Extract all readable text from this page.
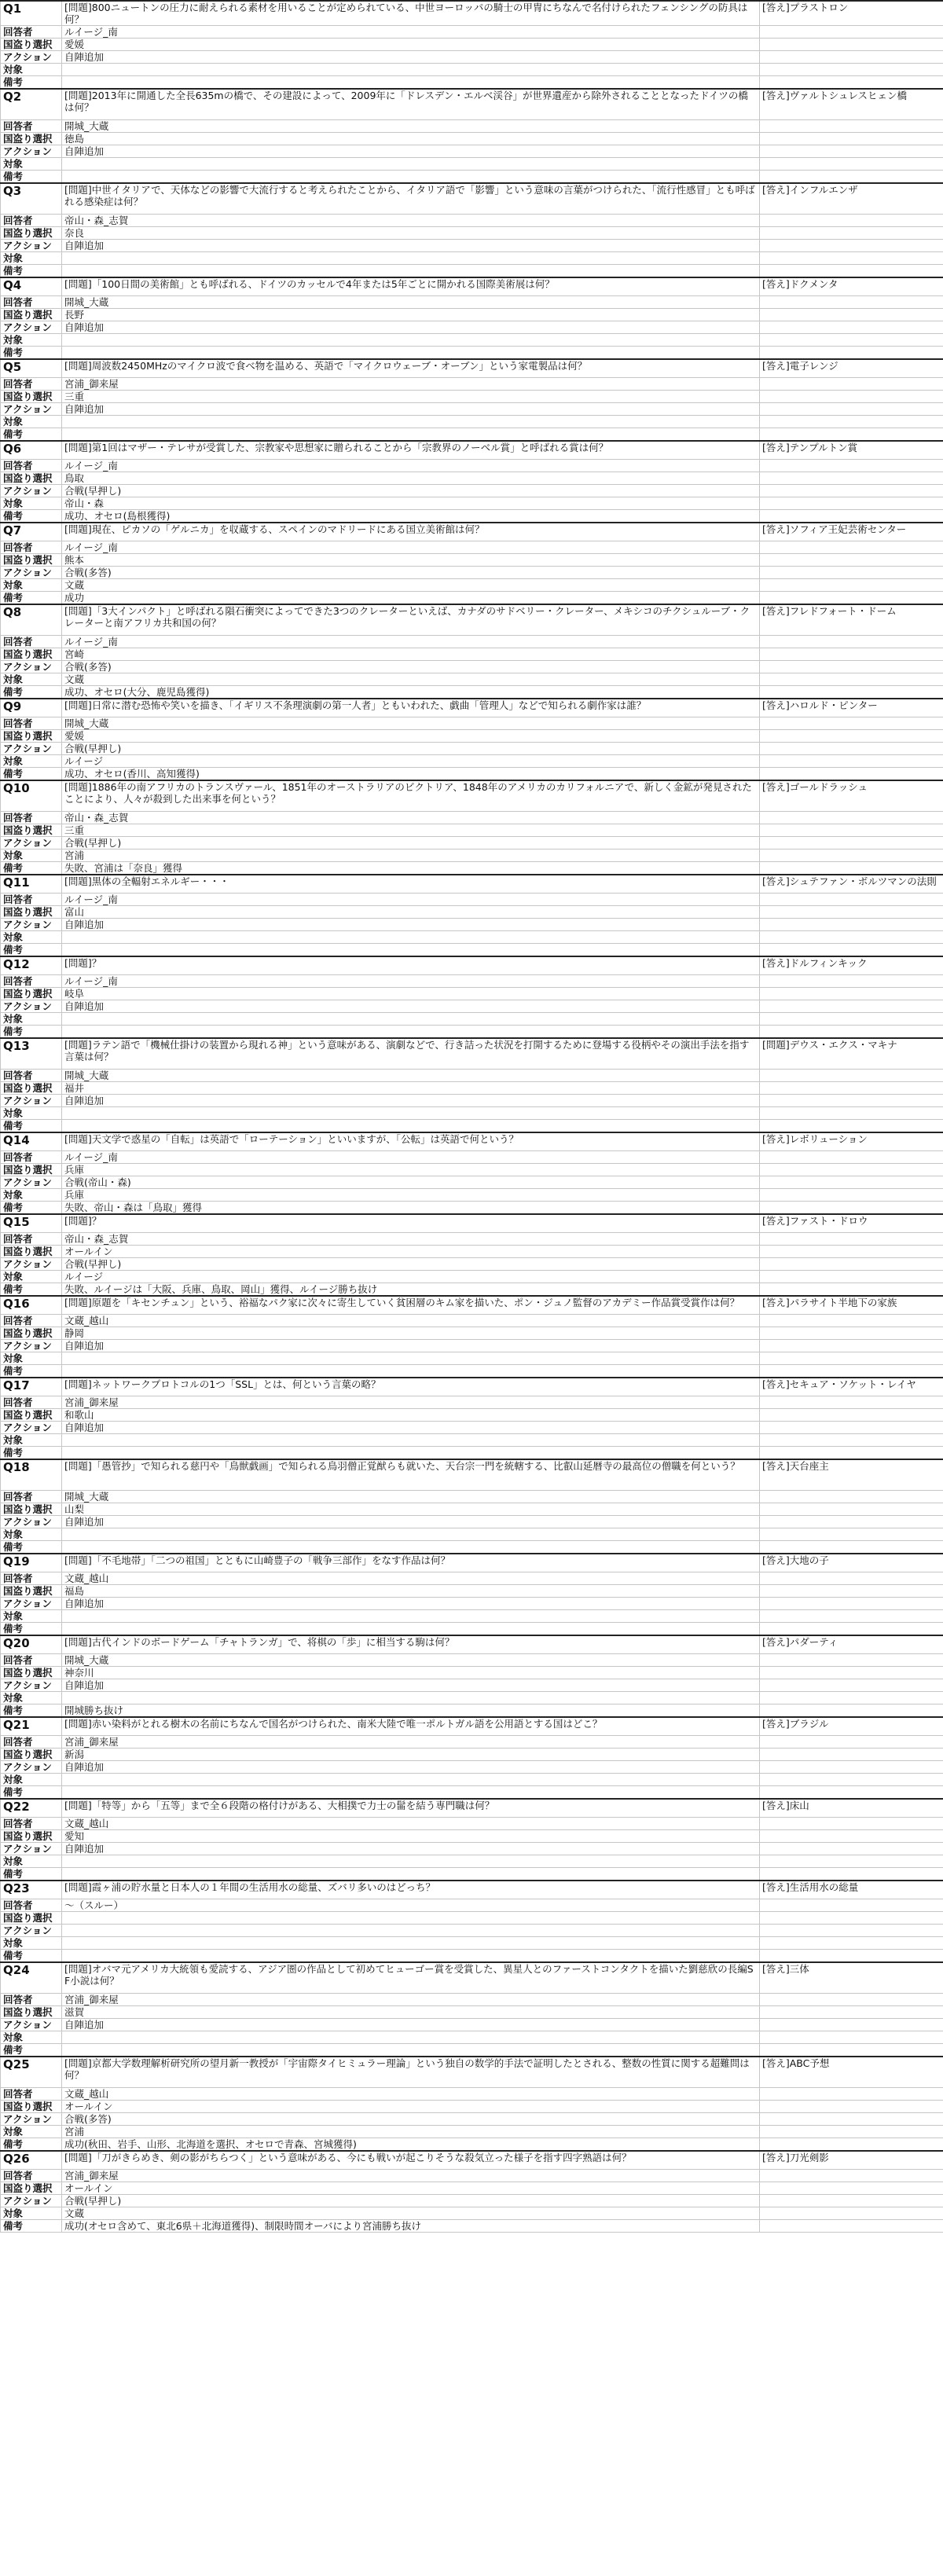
Q1	[問題]800ニュートンの圧力に耐えられる素材を用いることが定められている、中世ヨーロッパの騎士の甲冑にちなんで名付けられたフェンシングの防具は何？	[答え]プラストロン
回答者	ルイージ_南	
国盗り選択	愛媛	
アクション	自陣追加	
対象		
備考		
Q2	[問題]2013年に開通した全長635mの橋で、その建設によって、2009年に「ドレスデン・エルベ渓谷」が世界遺産から除外されることとなったドイツの橋は何？	[答え]ヴァルトシュレスヒェン橋
回答者	開城_大蔵	
国盗り選択	徳島	
アクション	自陣追加	
対象		
備考		
Q3	[問題]中世イタリアで、天体などの影響で大流行すると考えられたことから、イタリア語で「影響」という意味の言葉がつけられた、「流行性感冒」とも呼ばれる感染症は何？	[答え]インフルエンザ
回答者	帝山・森_志賀	
国盗り選択	奈良	
アクション	自陣追加	
対象		
備考		
Q4	[問題]「100日間の美術館」とも呼ばれる、ドイツのカッセルで4年または5年ごとに開かれる国際美術展は何？	[答え]ドクメンタ
回答者	開城_大蔵	
国盗り選択	長野	
アクション	自陣追加	
対象		
備考		
Q5	[問題]周波数2450MHzのマイクロ波で食べ物を温める、英語で「マイクロウェーブ・オーブン」という家電製品は何？	[答え]電子レンジ
回答者	宮浦_御来屋	
国盗り選択	三重	
アクション	自陣追加	
対象		
備考		
Q6	[問題]第1回はマザー・テレサが受賞した、宗教家や思想家に贈られることから「宗教界のノーベル賞」と呼ばれる賞は何？	[答え]テンプルトン賞
回答者	ルイージ_南	
国盗り選択	鳥取	
アクション	合戦(早押し)	
対象	帝山・森	
備考	成功、オセロ(島根獲得)	
Q7	[問題]現在、ピカソの「ゲルニカ」を収蔵する、スペインのマドリードにある国立美術館は何？	[答え]ソフィア王妃芸術センター
回答者	ルイージ_南	
国盗り選択	熊本	
アクション	合戦(多答)	
対象	文蔵	
備考	成功	
Q8	[問題]「3大インパクト」と呼ばれる隕石衝突によってできた3つのクレーターといえば、カナダのサドベリー・クレーター、メキシコのチクシュルーブ・クレーターと南アフリカ共和国の何？	[答え]フレドフォート・ドーム
回答者	ルイージ_南	
国盗り選択	宮崎	
アクション	合戦(多答)	
対象	文蔵	
備考	成功、オセロ(大分、鹿児島獲得)	
Q9	[問題]日常に潜む恐怖や笑いを描き、「イギリス不条理演劇の第一人者」ともいわれた、戯曲「管理人」などで知られる劇作家は誰？	[答え]ハロルド・ピンター
回答者	開城_大蔵	
国盗り選択	愛媛	
アクション	合戦(早押し)	
対象	ルイージ	
備考	成功、オセロ(香川、高知獲得)	
Q10	[問題]1886年の南アフリカのトランスヴァール、1851年のオーストラリアのビクトリア、1848年のアメリカのカリフォルニアで、新しく金鉱が発見されたことにより、人々が殺到した出来事を何という？	[答え]ゴールドラッシュ
回答者	帝山・森_志賀	
国盗り選択	三重	
アクション	合戦(早押し)	
対象	宮浦	
備考	失敗、宮浦は「奈良」獲得	
Q11	[問題]黒体の全輻射エネルギー・・・	[答え]シュテファン・ボルツマンの法則
回答者	ルイージ_南	
国盗り選択	富山	
アクション	自陣追加	
対象		
備考		
Q12	[問題]？	[答え]ドルフィンキック
回答者	ルイージ_南	
国盗り選択	岐阜	
アクション	自陣追加	
対象		
備考		
Q13	[問題]ラテン語で「機械仕掛けの装置から現れる神」という意味がある、演劇などで、行き詰った状況を打開するために登場する役柄やその演出手法を指す言葉は何？	[問題]デウス・エクス・マキナ
回答者	開城_大蔵	
国盗り選択	福井	
アクション	自陣追加	
対象		
備考		
Q14	[問題]天文学で惑星の「自転」は英語で「ローテーション」といいますが、「公転」は英語で何という？	[答え]レボリューション
回答者	ルイージ_南	
国盗り選択	兵庫	
アクション	合戦(帝山・森)	
対象	兵庫	
備考	失敗、帝山・森は「鳥取」獲得	
Q15	[問題]？	[答え]ファスト・ドロウ
回答者	帝山・森_志賀	
国盗り選択	オールイン	
アクション	合戦(早押し)	
対象	ルイージ	
備考	失敗、ルイージは「大阪、兵庫、鳥取、岡山」獲得、ルイージ勝ち抜け	
Q16	[問題]原題を「キセンチュン」という、裕福なパク家に次々に寄生していく貧困層のキム家を描いた、ポン・ジュノ監督のアカデミー作品賞受賞作は何？	[答え]パラサイト半地下の家族
回答者	文蔵_越山	
国盗り選択	静岡	
アクション	自陣追加	
対象		
備考		
Q17	[問題]ネットワークプロトコルの1つ「SSL」とは、何という言葉の略？	[答え]セキュア・ソケット・レイヤ
回答者	宮浦_御来屋	
国盗り選択	和歌山	
アクション	自陣追加	
対象		
備考		
Q18	[問題]「愚管抄」で知られる慈円や「鳥獣戯画」で知られる鳥羽僧正覚猷らも就いた、天台宗一門を統轄する、比叡山延暦寺の最高位の僧職を何という？	[答え]天台座主
回答者	開城_大蔵	
国盗り選択	山梨	
アクション	自陣追加	
対象		
備考		
Q19	[問題]「不毛地帯」「二つの祖国」とともに山崎豊子の「戦争三部作」をなす作品は何？	[答え]大地の子
回答者	文蔵_越山	
国盗り選択	福島	
アクション	自陣追加	
対象		
備考		
Q20	[問題]古代インドのボードゲーム「チャトランガ」で、将棋の「歩」に相当する駒は何？	[答え]パダーティ
回答者	開城_大蔵	
国盗り選択	神奈川	
アクション	自陣追加	
対象		
備考	開城勝ち抜け	
Q21	[問題]赤い染料がとれる樹木の名前にちなんで国名がつけられた、南米大陸で唯一ポルトガル語を公用語とする国はどこ？	[答え]ブラジル
回答者	宮浦_御来屋	
国盗り選択	新潟	
アクション	自陣追加	
対象		
備考		
Q22	[問題]「特等」から「五等」まで全６段階の格付けがある、大相撲で力士の髷を結う専門職は何？	[答え]床山
回答者	文蔵_越山	
国盗り選択	愛知	
アクション	自陣追加	
対象		
備考		
Q23	[問題]霞ヶ浦の貯水量と日本人の１年間の生活用水の総量、ズバリ多いのはどっち？	[答え]生活用水の総量
回答者	～（スルー）	
国盗り選択		
アクション		
対象		
備考		
Q24	[問題]オバマ元アメリカ大統領も愛読する、アジア圏の作品として初めてヒューゴー賞を受賞した、異星人とのファーストコンタクトを描いた劉慈欣の長編SF小説は何？	[答え]三体
回答者	宮浦_御来屋	
国盗り選択	滋賀	
アクション	自陣追加	
対象		
備考		
Q25	[問題]京都大学数理解析研究所の望月新一教授が「宇宙際タイヒミュラー理論」という独自の数学的手法で証明したとされる、整数の性質に関する超難問は何？	[答え]ABC予想
回答者	文蔵_越山	
国盗り選択	オールイン	
アクション	合戦(多答)	
対象	宮浦	
備考	成功(秋田、岩手、山形、北海道を選択、オセロで青森、宮城獲得)	
Q26	[問題]「刀がきらめき、剣の影がちらつく」という意味がある、今にも戦いが起こりそうな殺気立った様子を指す四字熟語は何？	[答え]刀光剣影
回答者	宮浦_御来屋	
国盗り選択	オールイン	
アクション	合戦(早押し)	
対象	文蔵	
備考	成功(オセロ含めて、東北6県＋北海道獲得)、制限時間オーバにより宮浦勝ち抜け	
